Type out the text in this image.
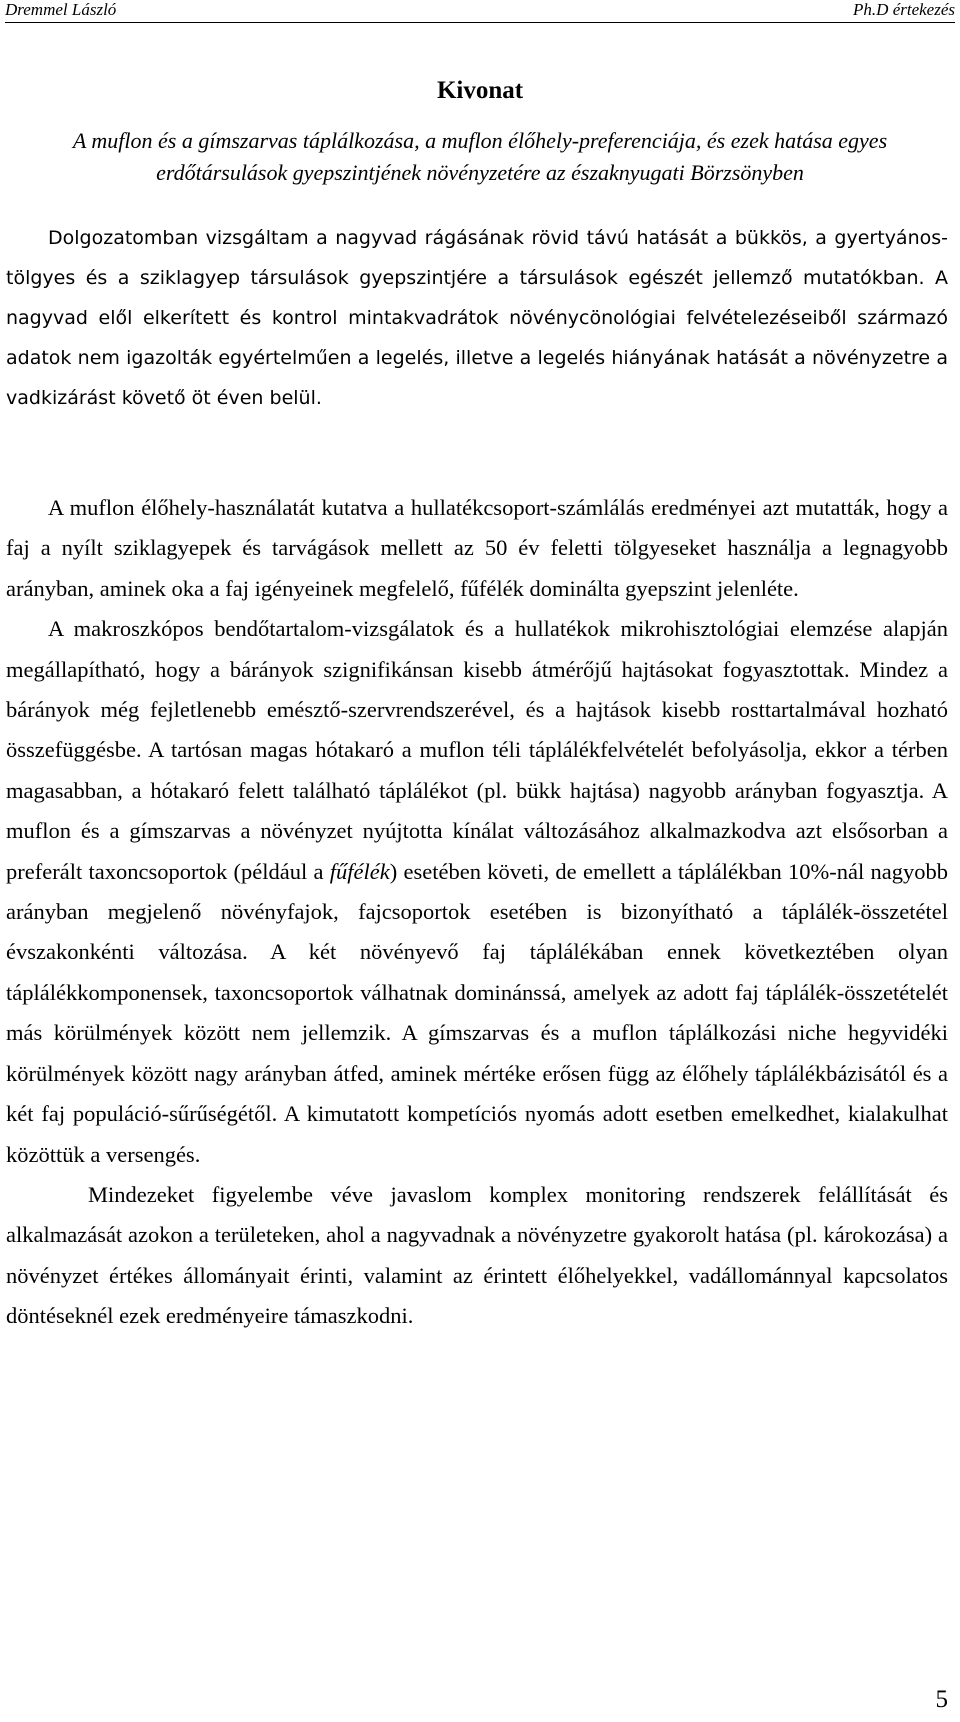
Dremmel László	Ph.D értekezés
Kivonat
A muflon és a gímszarvas táplálkozása, a muflon élőhely-preferenciája, és ezek hatása egyes erdőtársulások gyepszintjének növényzetére az északnyugati Börzsönyben

Dolgozatomban vizsgáltam a nagyvad rágásának rövid távú hatását a bükkös, a gyertyános-tölgyes és a sziklagyep társulások gyepszintjére a társulások egészét jellemző mutatókban. A nagyvad elől elkerített és kontrol mintakvadrátok növénycönológiai felvételezéseiből származó adatok nem igazolták egyértelműen a legelés, illetve a legelés hiányának hatását a növényzetre a vadkizárást követő öt éven belül.

A muflon élőhely-használatát kutatva a hullatékcsoport-számlálás eredményei azt mutatták, hogy a faj a nyílt sziklagyepek és tarvágások mellett az 50 év feletti tölgyeseket használja a legnagyobb arányban, aminek oka a faj igényeinek megfelelő, fűfélék dominálta gyepszint jelenléte.

A makroszkópos bendőtartalom-vizsgálatok és a hullatékok mikrohisztológiai elemzése alapján megállapítható, hogy a bárányok szignifikánsan kisebb átmérőjű hajtásokat fogyasztottak. Mindez a bárányok még fejletlenebb emésztő-szervrendszerével, és a hajtások kisebb rosttartalmával hozható összefüggésbe. A tartósan magas hótakaró a muflon téli táplálékfelvételét befolyásolja, ekkor a térben magasabban, a hótakaró felett található táplálékot (pl. bükk hajtása) nagyobb arányban fogyasztja. A muflon és a gímszarvas a növényzet nyújtotta kínálat változásához alkalmazkodva azt elsősorban a preferált taxoncsoportok (például a fűfélék) esetében követi, de emellett a táplálékban 10%-nál nagyobb arányban megjelenő növényfajok, fajcsoportok esetében is bizonyítható a táplálék-összetétel évszakonkénti változása. A két növényevő faj táplálékában ennek következtében olyan táplálékkomponensek, taxoncsoportok válhatnak dominánssá, amelyek az adott faj táplálék-összetételét más körülmények között nem jellemzik. A gímszarvas és a muflon táplálkozási niche hegyvidéki körülmények között nagy arányban átfed, aminek mértéke erősen függ az élőhely táplálékbázisától és a két faj populáció-sűrűségétől. A kimutatott kompetíciós nyomás adott esetben emelkedhet, kialakulhat közöttük a versengés.

Mindezeket figyelembe véve javaslom komplex monitoring rendszerek felállítását és alkalmazását azokon a területeken, ahol a nagyvadnak a növényzetre gyakorolt hatása (pl. károkozása) a növényzet értékes állományait érinti, valamint az érintett élőhelyekkel, vadállománnyal kapcsolatos döntéseknél ezek eredményeire támaszkodni.

5
